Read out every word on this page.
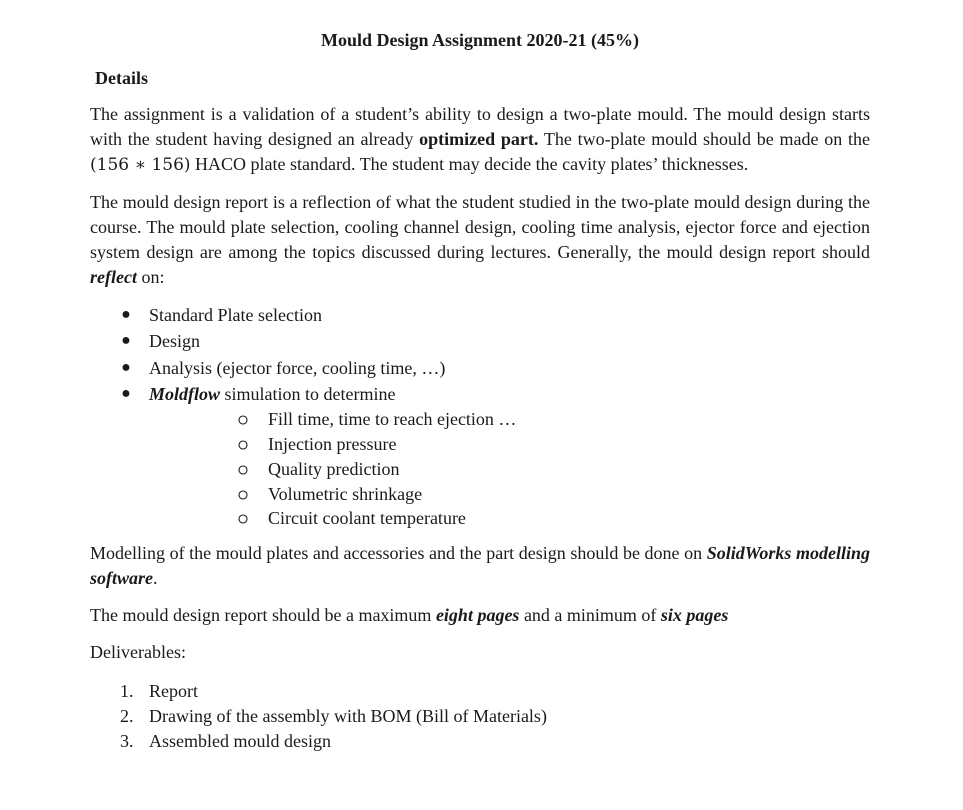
Mould Design Assignment 2020-21 (45%)
Details

The assignment is a validation of a student’s ability to design a two-plate mould. The mould design starts with the student having designed an already optimized part. The two-plate mould should be made on the (156 ∗ 156) HACO plate standard. The student may decide the cavity plates’ thicknesses.

The mould design report is a reflection of what the student studied in the two-plate mould design during the course. The mould plate selection, cooling channel design, cooling time analysis, ejector force and ejection system design are among the topics discussed during lectures. Generally, the mould design report should reflect on:

● Standard Plate selection
● Design
● Analysis (ejector force, cooling time, …)
● Moldflow simulation to determine
Fill time, time to reach ejection …
Injection pressure
Quality prediction
Volumetric shrinkage
Circuit coolant temperature

Modelling of the mould plates and accessories and the part design should be done on SolidWorks modelling software.

The mould design report should be a maximum eight pages and a minimum of six pages

Deliverables:

1. Report
2. Drawing of the assembly with BOM (Bill of Materials)
3. Assembled mould design
